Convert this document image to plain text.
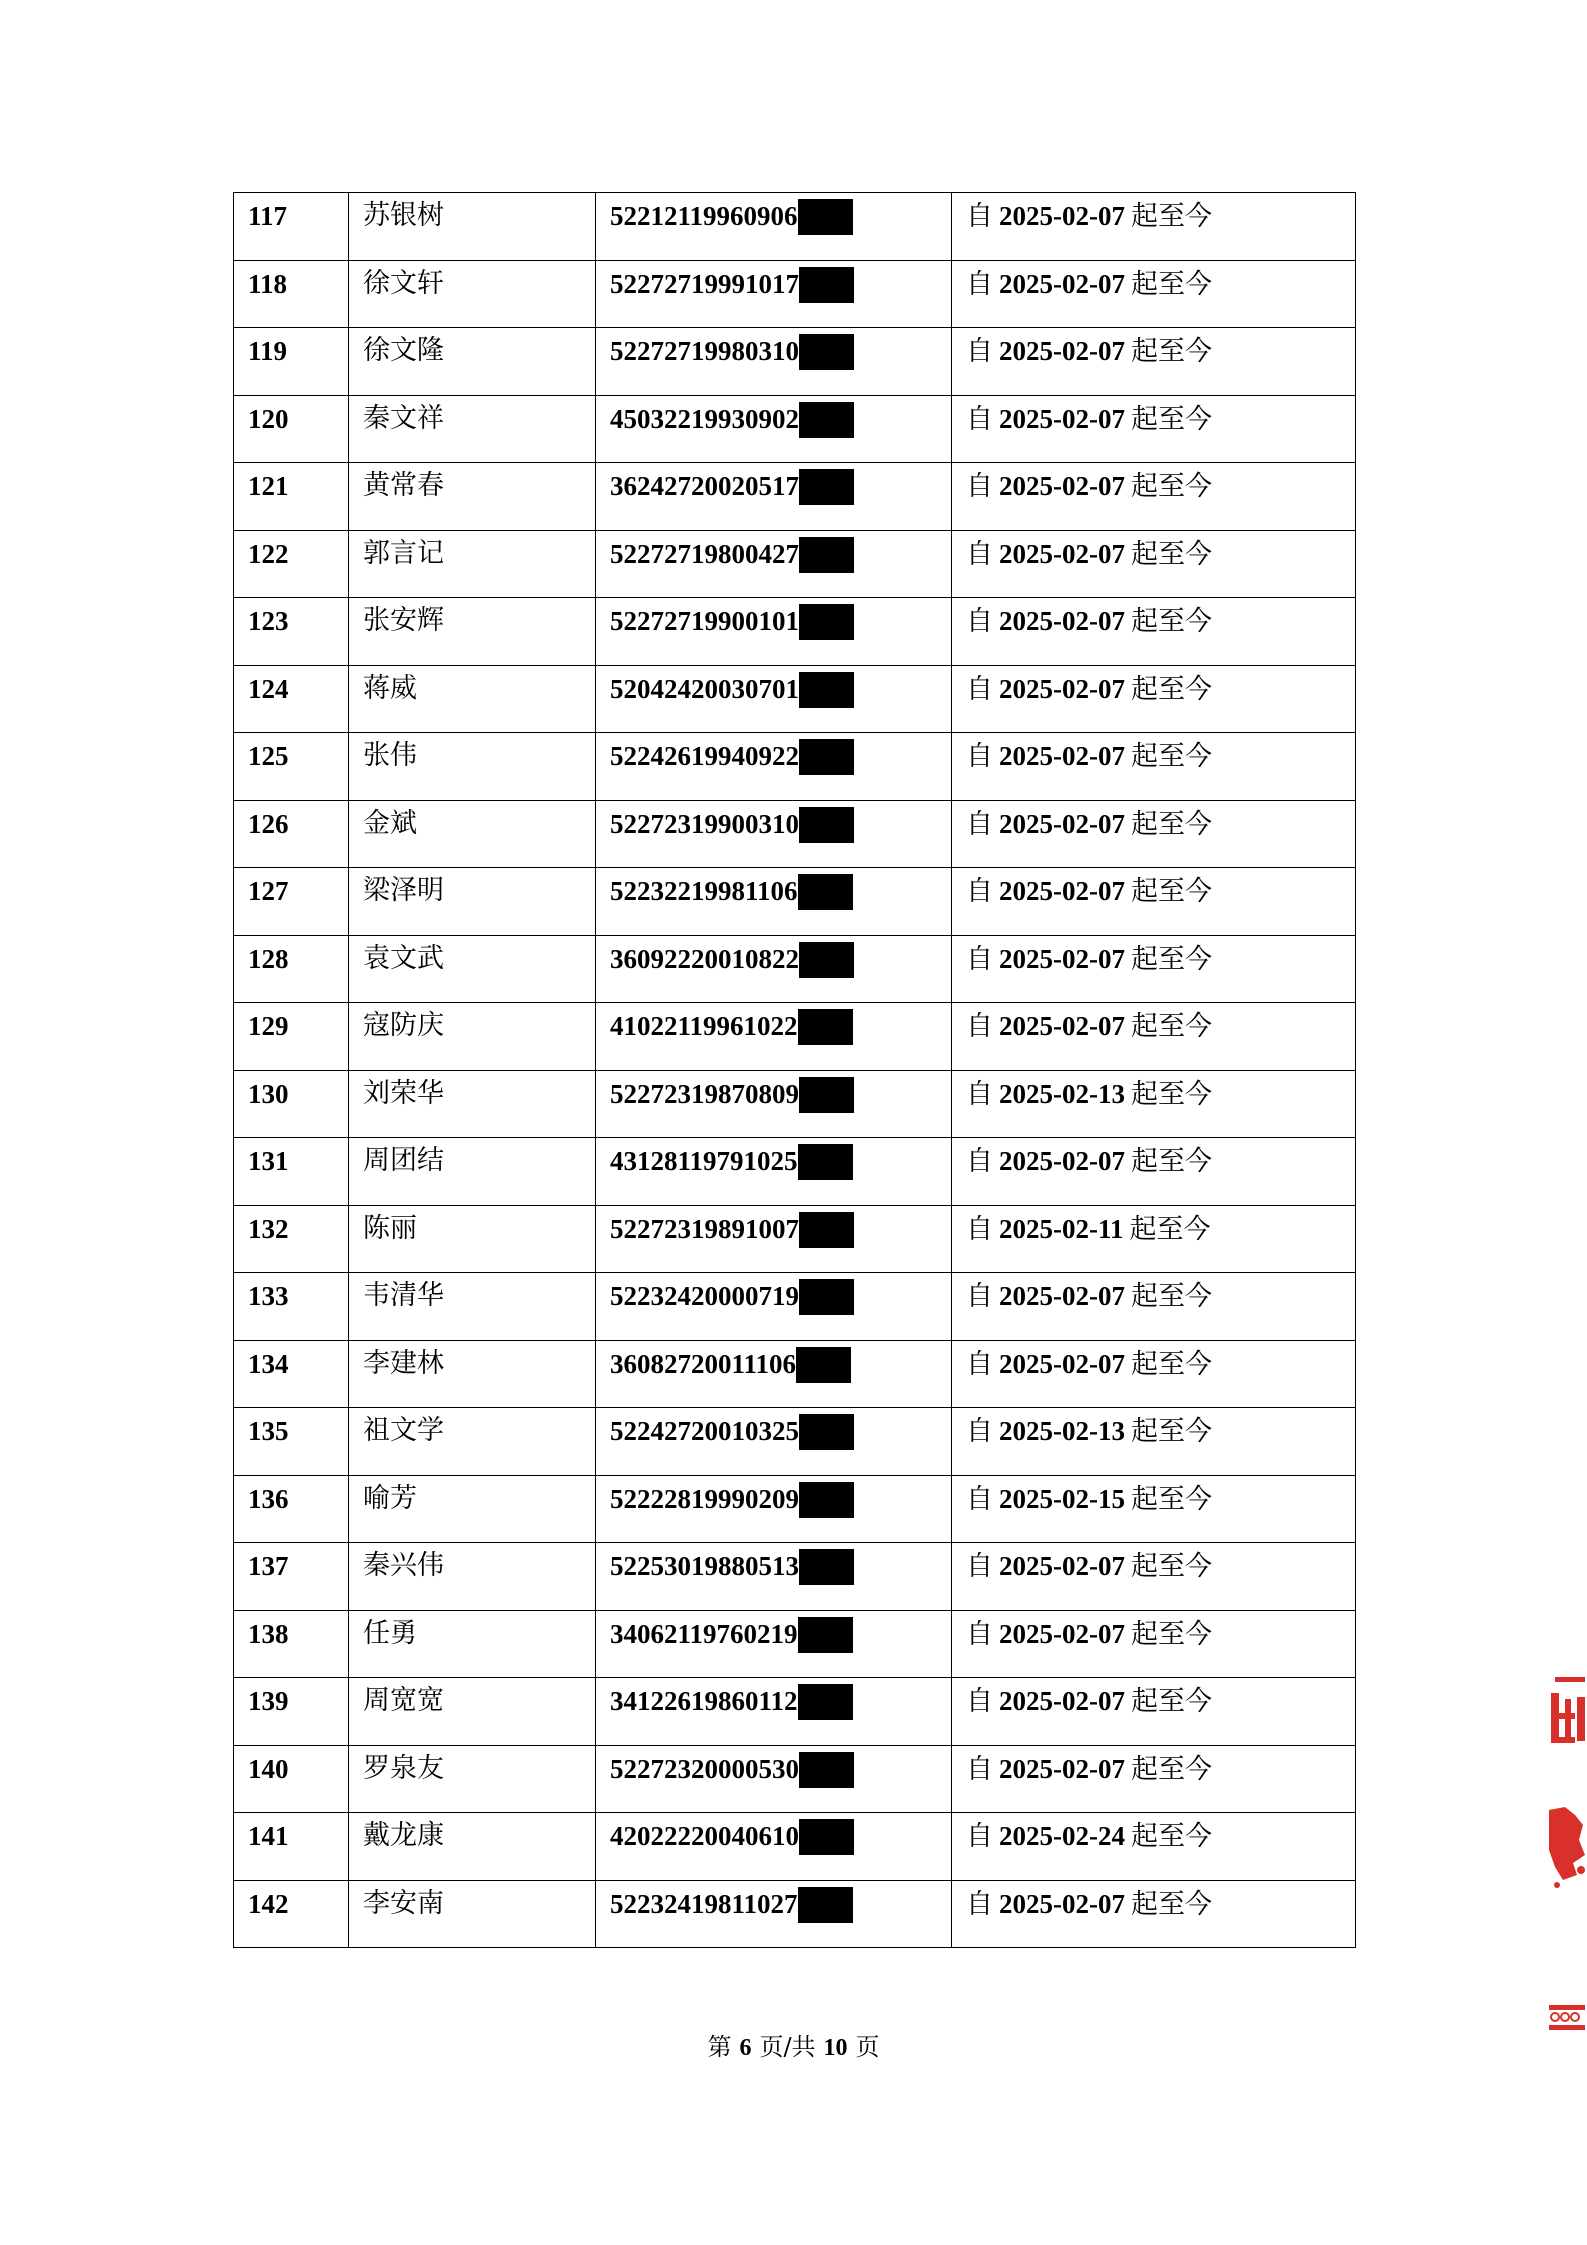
117	苏银树	52212119960906	自 2025-02-07 起至今

118	徐文轩	52272719991017	自 2025-02-07 起至今

119	徐文隆	52272719980310	自 2025-02-07 起至今

120	秦文祥	45032219930902	自 2025-02-07 起至今

121	黄常春	36242720020517	自 2025-02-07 起至今

122	郭言记	52272719800427	自 2025-02-07 起至今

123	张安辉	52272719900101	自 2025-02-07 起至今

124	蒋威	52042420030701	自 2025-02-07 起至今

125	张伟	52242619940922	自 2025-02-07 起至今

126	金斌	52272319900310	自 2025-02-07 起至今

127	梁泽明	52232219981106	自 2025-02-07 起至今

128	袁文武	36092220010822	自 2025-02-07 起至今

129	寇防庆	41022119961022	自 2025-02-07 起至今

130	刘荣华	52272319870809	自 2025-02-13 起至今

131	周团结	43128119791025	自 2025-02-07 起至今

132	陈丽	52272319891007	自 2025-02-11 起至今

133	韦清华	52232420000719	自 2025-02-07 起至今

134	李建林	36082720011106	自 2025-02-07 起至今

135	祖文学	52242720010325	自 2025-02-13 起至今

136	喻芳	52222819990209	自 2025-02-15 起至今

137	秦兴伟	52253019880513	自 2025-02-07 起至今

138	任勇	34062119760219	自 2025-02-07 起至今

139	周宽宽	34122619860112	自 2025-02-07 起至今

140	罗泉友	52272320000530	自 2025-02-07 起至今

141	戴龙康	42022220040610	自 2025-02-24 起至今

142	李安南	52232419811027	自 2025-02-07 起至今
第 6 页/共 10 页
